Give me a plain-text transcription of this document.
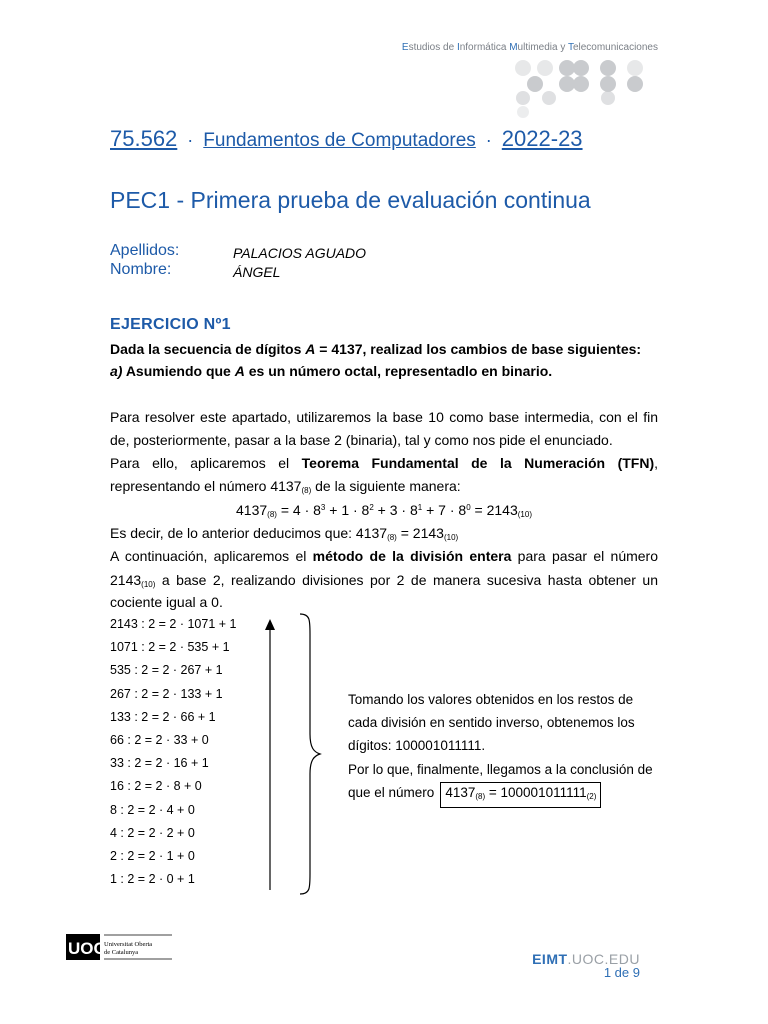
Estudios de Informática Multimedia y Telecomunicaciones
75.562 · Fundamentos de Computadores · 2022-23
PEC1 - Primera prueba de evaluación continua
Apellidos:	PALACIOS AGUADO
Nombre:	ÁNGEL
EJERCICIO Nº1
Dada la secuencia de dígitos A = 4137, realizad los cambios de base siguientes:
a) Asumiendo que A es un número octal, representadlo en binario.
Para resolver este apartado, utilizaremos la base 10 como base intermedia, con el fin de, posteriormente, pasar a la base 2 (binaria), tal y como nos pide el enunciado.
Para ello, aplicaremos el Teorema Fundamental de la Numeración (TFN),
representando el número $4137_{(8)}$ de la siguiente manera:
$4137_{(8)} = 4 \cdot 8^3 + 1 \cdot 8^2 + 3 \cdot 8^1 + 7 \cdot 8^0 = 2143_{(10)}$
Es decir, de lo anterior deducimos que: $4137_{(8)} = 2143_{(10)}$
A continuación, aplicaremos el método de la división entera para pasar el número
$2143_{(10)}$ a base 2, realizando divisiones por 2 de manera sucesiva hasta obtener un
cociente igual a 0.
2143 : 2 = 2 · 1071 + 1
1071 : 2 = 2 · 535 + 1
535 : 2 = 2 · 267 + 1
267 : 2 = 2 · 133 + 1
133 : 2 = 2 · 66 + 1
66 : 2 = 2 · 33 + 0
33 : 2 = 2 · 16 + 1
16 : 2 = 2 · 8 + 0
8 : 2 = 2 · 4 + 0
4 : 2 = 2 · 2 + 0
2 : 2 = 2 · 1 + 0
1 : 2 = 2 · 0 + 1
Tomando los valores obtenidos en los restos de cada división en sentido inverso, obtenemos los dígitos: 100001011111.
Por lo que, finalmente, llegamos a la conclusión de que el número $4137_{(8)} = 100001011111_{(2)}$
UOC
Universitat Oberta
de Catalunya	EIMT.UOC.EDU
1 de 9
